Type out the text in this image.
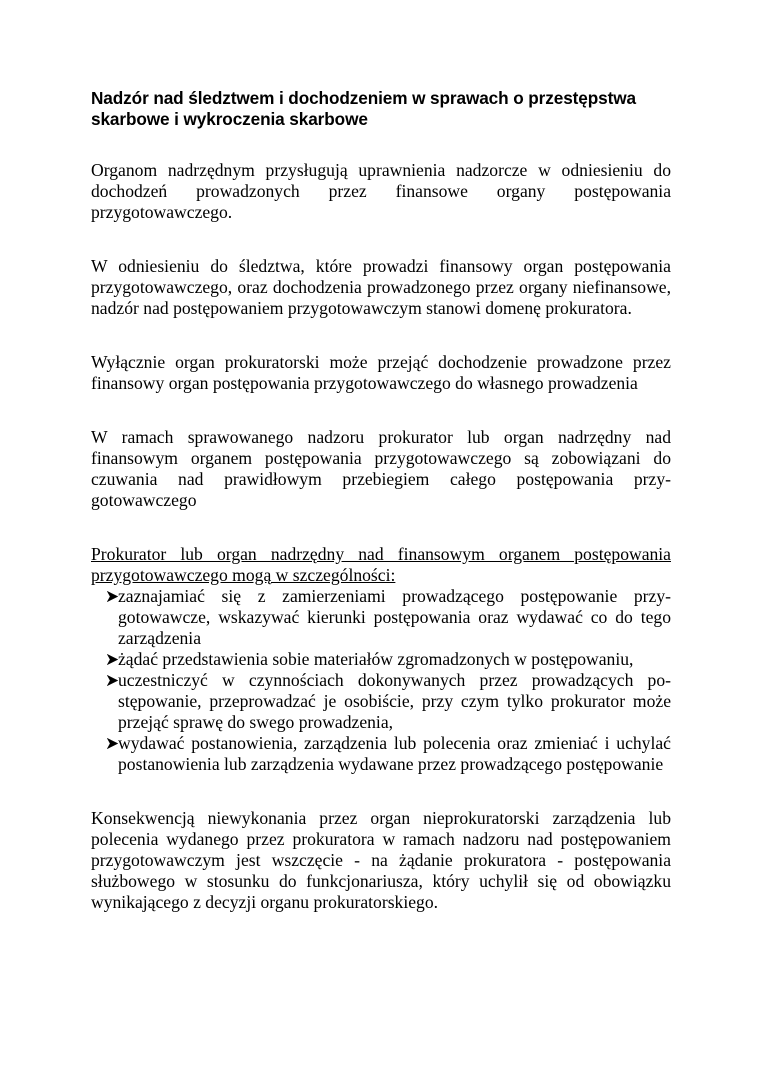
Nadzór nad śledztwem i dochodzeniem w sprawach o przestępstwa skarbowe i wykroczenia skarbowe

Organom nadrzędnym przysługują uprawnienia nadzorcze w odniesieniu do dochodzeń prowadzonych przez finansowe organy postępowania przygotowawczego.

W odniesieniu do śledztwa, które prowadzi finansowy organ postępowania przygotowawczego, oraz dochodzenia prowadzonego przez organy niefinansowe, nadzór nad postępowaniem przygotowawczym stanowi domenę prokuratora.

Wyłącznie organ prokuratorski może przejąć dochodzenie prowadzone przez finansowy organ postępowania przygotowawczego do własnego prowadzenia

W ramach sprawowanego nadzoru prokurator lub organ nadrzędny nad finansowym organem postępowania przygotowawczego są zobowiązani do czuwania nad prawidłowym przebiegiem całego postępowania przy-gotowawczego

Prokurator lub organ nadrzędny nad finansowym organem postępowania przygotowawczego mogą w szczególności:

zaznajamiać się z zamierzeniami prowadzącego postępowanie przy-gotowawcze, wskazywać kierunki postępowania oraz wydawać co do tego zarządzenia
żądać przedstawienia sobie materiałów zgromadzonych w postępowaniu,
uczestniczyć w czynnościach dokonywanych przez prowadzących po-stępowanie, przeprowadzać je osobiście, przy czym tylko prokurator może przejąć sprawę do swego prowadzenia,
wydawać postanowienia, zarządzenia lub polecenia oraz zmieniać i uchylać postanowienia lub zarządzenia wydawane przez prowadzącego postępowanie

Konsekwencją niewykonania przez organ nieprokuratorski zarządzenia lub polecenia wydanego przez prokuratora w ramach nadzoru nad postępowaniem przygotowawczym jest wszczęcie - na żądanie prokuratora - postępowania służbowego w stosunku do funkcjonariusza, który uchylił się od obowiązku wynikającego z decyzji organu prokuratorskiego.
